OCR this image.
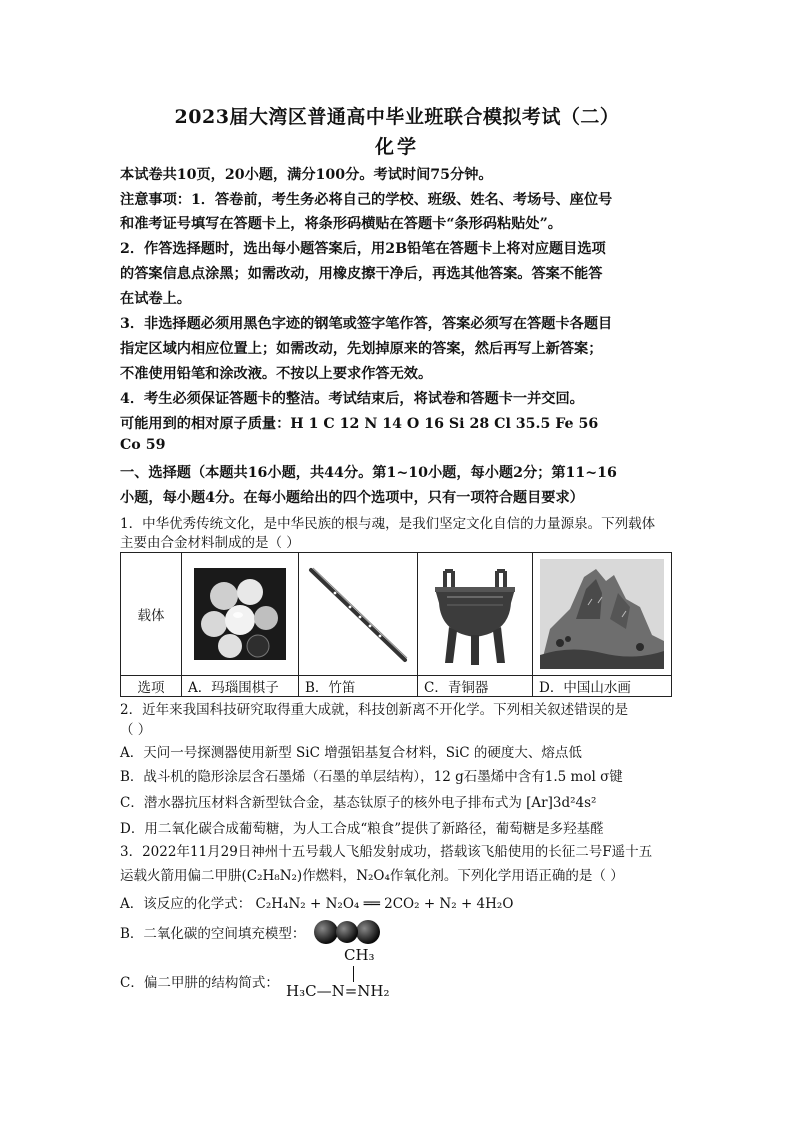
2023届大湾区普通高中毕业班联合模拟考试（二）
化学
本试卷共10页，20小题，满分100分。考试时间75分钟。
注意事项：1．答卷前，考生务必将自己的学校、班级、姓名、考场号、座位号
和准考证号填写在答题卡上，将条形码横贴在答题卡“条形码粘贴处”。
2．作答选择题时，选出每小题答案后，用2B铅笔在答题卡上将对应题目选项
的答案信息点涂黑；如需改动，用橡皮擦干净后，再选其他答案。答案不能答
在试卷上。
3．非选择题必须用黑色字迹的钢笔或签字笔作答，答案必须写在答题卡各题目
指定区域内相应位置上；如需改动，先划掉原来的答案，然后再写上新答案；
不准使用铅笔和涂改液。不按以上要求作答无效。
4．考生必须保证答题卡的整洁。考试结束后，将试卷和答题卡一并交回。
可能用到的相对原子质量：H 1 C 12 N 14 O 16 Si 28 Cl 35.5 Fe 56
Co 59
一、选择题（本题共16小题，共44分。第1~10小题，每小题2分；第11~16
小题，每小题4分。在每小题给出的四个选项中，只有一项符合题目要求）
1．中华优秀传统文化，是中华民族的根与魂，是我们坚定文化自信的力量源泉。下列载体
主要由合金材料制成的是（ ）
载体	

选项	A．玛瑙围棋子	B．竹笛	C．青铜器	D．中国山水画
2．近年来我国科技研究取得重大成就，科技创新离不开化学。下列相关叙述错误的是
（ ）
A．天问一号探测器使用新型 SiC 增强铝基复合材料，SiC 的硬度大、熔点低
B．战斗机的隐形涂层含石墨烯（石墨的单层结构），12 g石墨烯中含有1.5 mol σ键
C．潜水器抗压材料含新型钛合金，基态钛原子的核外电子排布式为 [Ar]3d²4s²
D．用二氧化碳合成葡萄糖，为人工合成“粮食”提供了新路径，葡萄糖是多羟基醛
3．2022年11月29日神州十五号载人飞船发射成功，搭载该飞船使用的长征二号F遥十五
运载火箭用偏二甲肼(C₂H₈N₂)作燃料，N₂O₄作氧化剂。下列化学用语正确的是（ ）
A．该反应的化学式： C₂H₄N₂ + N₂O₄ ══ 2CO₂ + N₂ + 4H₂O
B．二氧化碳的空间填充模型：
C．偏二甲肼的结构简式：
CH₃
H₃C—N=NH₂
